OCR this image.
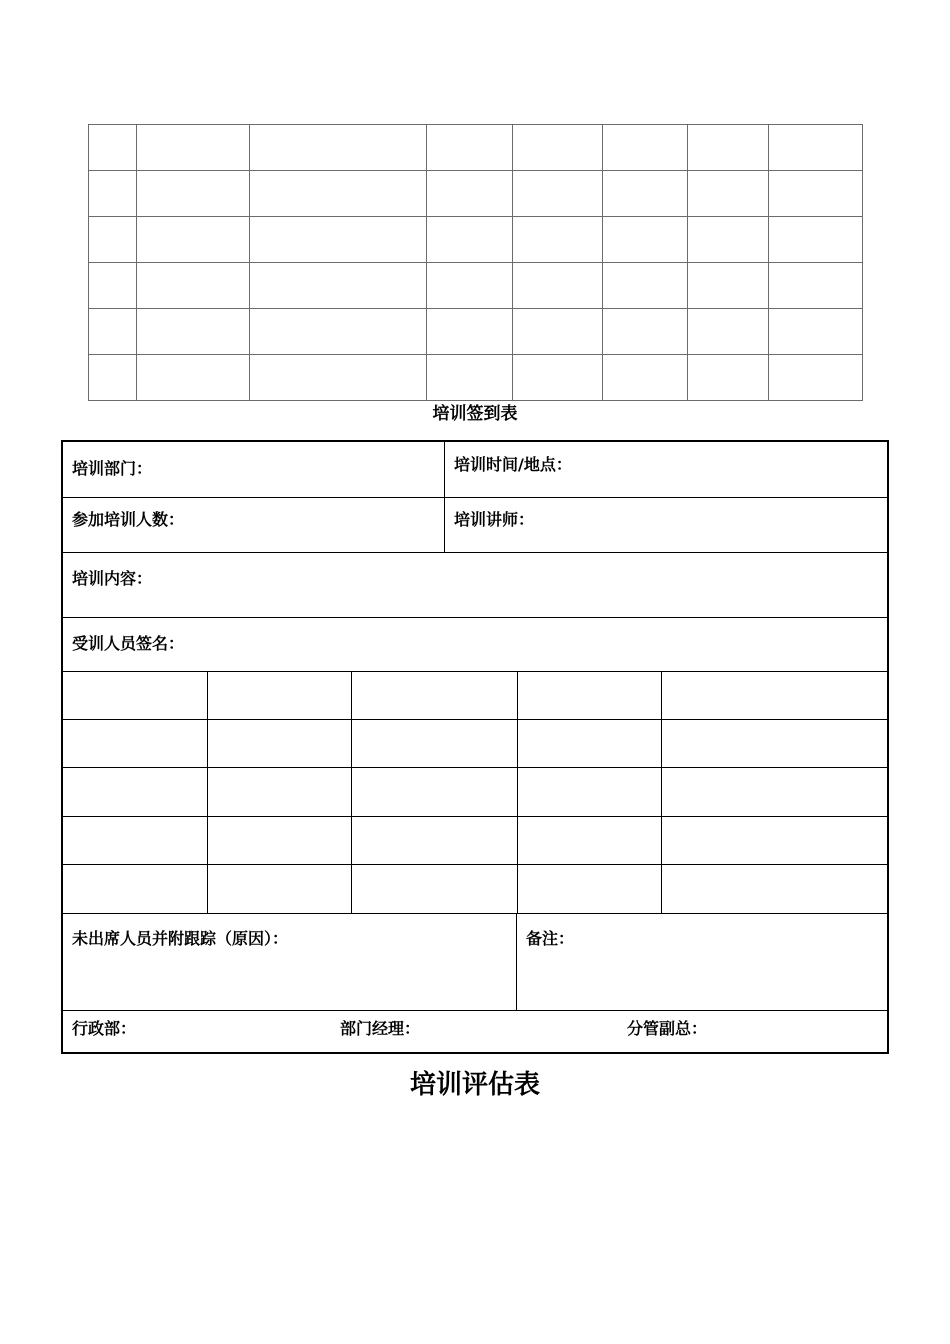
培训签到表
培训部门：	培训时间/地点：
参加培训人数：	培训讲师：
培训内容：
受训人员签名：

未出席人员并附跟踪（原因）：	备注：
行政部：	部门经理：	分管副总：
培训评估表
